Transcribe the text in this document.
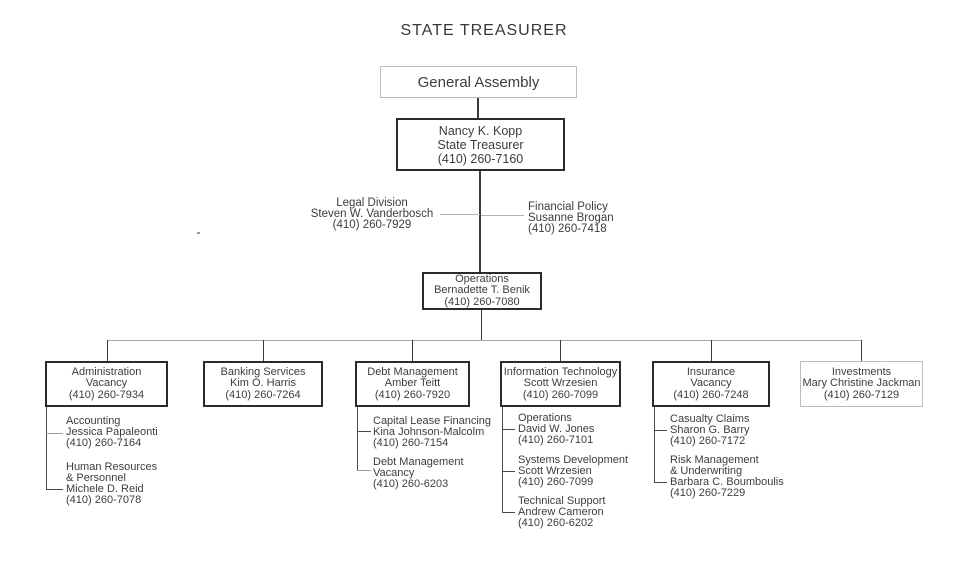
STATE TREASURER
General Assembly
Nancy K. Kopp
State Treasurer
(410) 260-7160
Legal Division
Steven W. Vanderbosch
(410) 260-7929
Financial Policy
Susanne Brogan
(410) 260-7418
Operations
Bernadette T. Benik
(410) 260-7080
Administration
Vacancy
(410) 260-7934
Banking Services
Kim O. Harris
(410) 260-7264
Debt Management
Amber Teitt
(410) 260-7920
Information Technology
Scott Wrzesien
(410) 260-7099
Insurance
Vacancy
(410) 260-7248
Investments
Mary Christine Jackman
(410) 260-7129
Accounting
Jessica Papaleonti
(410) 260-7164
Human Resources
& Personnel
Michele D. Reid
(410) 260-7078
Capital Lease Financing
Kina Johnson-Malcolm
(410) 260-7154
Debt Management
Vacancy
(410) 260-6203
Operations
David W. Jones
(410) 260-7101
Systems Development
Scott Wrzesien
(410) 260-7099
Technical Support
Andrew Cameron
(410) 260-6202
Casualty Claims
Sharon G. Barry
(410) 260-7172
Risk Management
& Underwriting
Barbara C. Boumboulis
(410) 260-7229
